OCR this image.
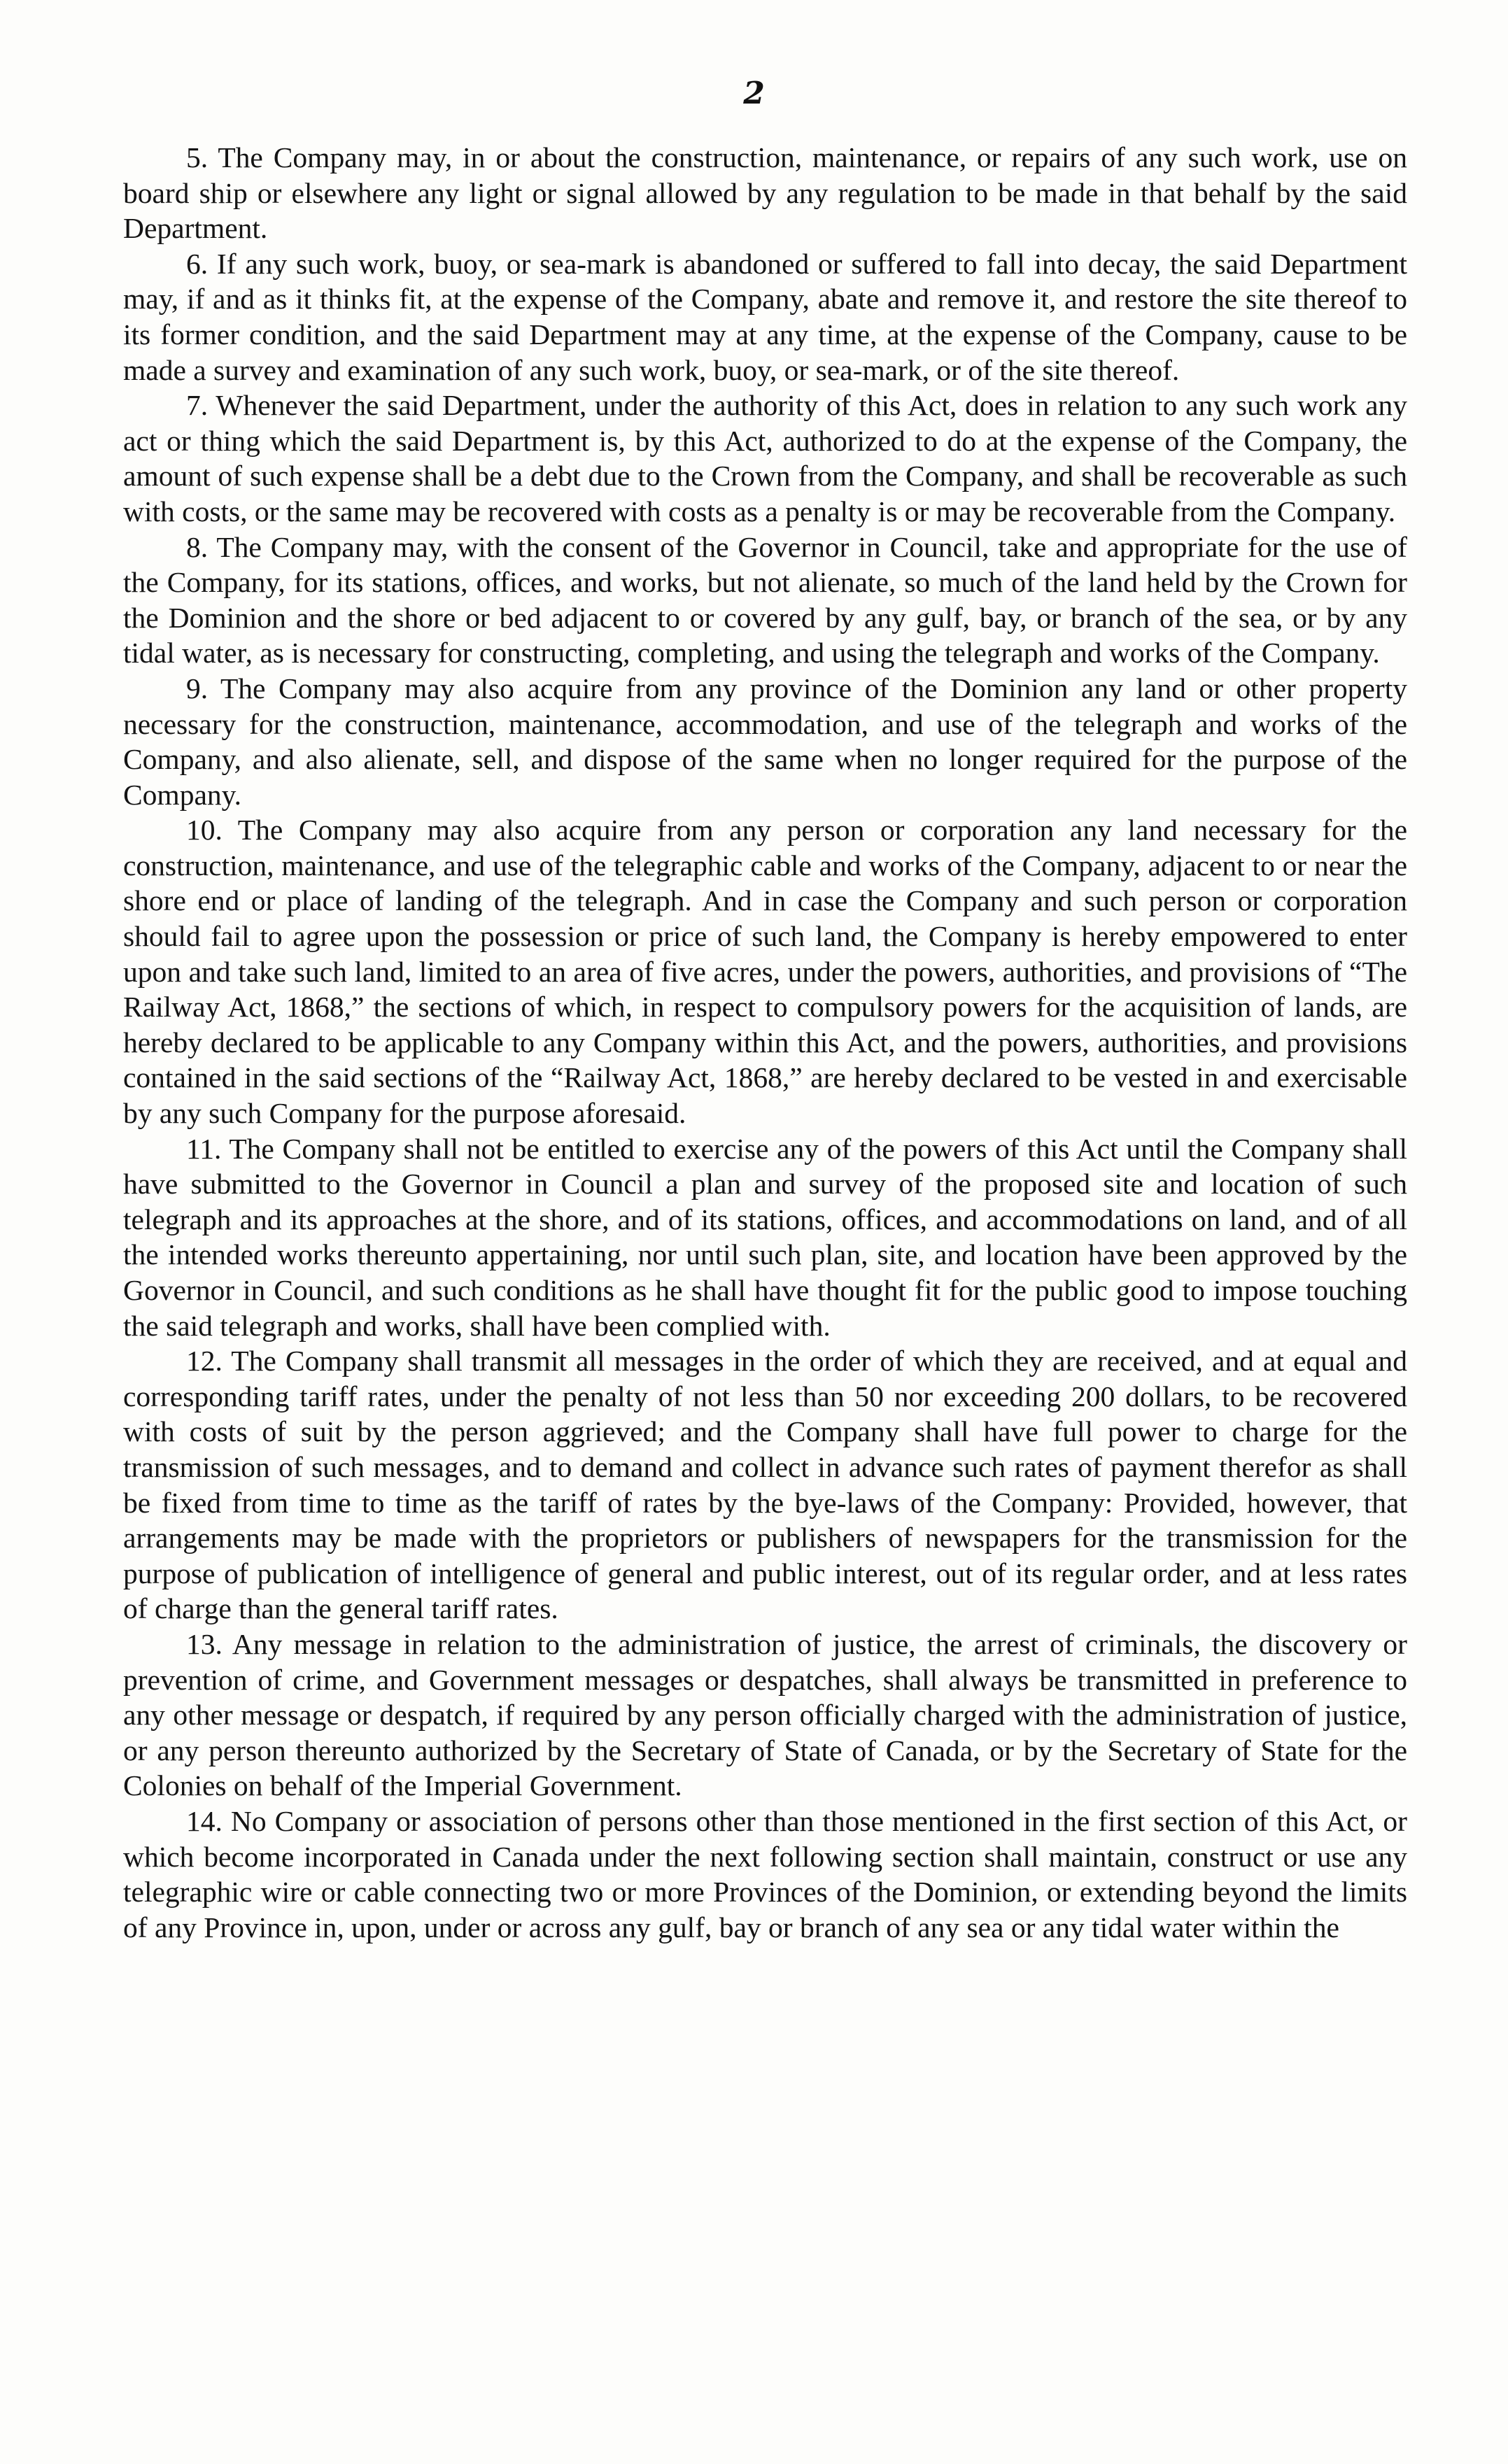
2

5. The Company may, in or about the construction, maintenance, or repairs of any such work, use on board ship or elsewhere any light or signal allowed by any regulation to be made in that behalf by the said Department.

6. If any such work, buoy, or sea-mark is abandoned or suffered to fall into decay, the said Department may, if and as it thinks fit, at the expense of the Company, abate and remove it, and restore the site thereof to its former condition, and the said Department may at any time, at the expense of the Company, cause to be made a survey and examination of any such work, buoy, or sea-mark, or of the site thereof.

7. Whenever the said Department, under the authority of this Act, does in relation to any such work any act or thing which the said Department is, by this Act, authorized to do at the expense of the Company, the amount of such expense shall be a debt due to the Crown from the Company, and shall be recoverable as such with costs, or the same may be recovered with costs as a penalty is or may be recoverable from the Company.

8. The Company may, with the consent of the Governor in Council, take and appropriate for the use of the Company, for its stations, offices, and works, but not alienate, so much of the land held by the Crown for the Dominion and the shore or bed adjacent to or covered by any gulf, bay, or branch of the sea, or by any tidal water, as is necessary for constructing, completing, and using the telegraph and works of the Company.

9. The Company may also acquire from any province of the Dominion any land or other property necessary for the construction, maintenance, accommodation, and use of the telegraph and works of the Company, and also alienate, sell, and dispose of the same when no longer required for the purpose of the Company.

10. The Company may also acquire from any person or corporation any land necessary for the construction, maintenance, and use of the telegraphic cable and works of the Company, adjacent to or near the shore end or place of landing of the telegraph. And in case the Company and such person or corporation should fail to agree upon the possession or price of such land, the Company is hereby empowered to enter upon and take such land, limited to an area of five acres, under the powers, authorities, and provisions of “The Railway Act, 1868,” the sections of which, in respect to compulsory powers for the acquisition of lands, are hereby declared to be applicable to any Company within this Act, and the powers, authorities, and provisions contained in the said sections of the “Railway Act, 1868,” are hereby declared to be vested in and exercisable by any such Company for the purpose aforesaid.

11. The Company shall not be entitled to exercise any of the powers of this Act until the Company shall have submitted to the Governor in Council a plan and survey of the proposed site and location of such telegraph and its approaches at the shore, and of its stations, offices, and accommodations on land, and of all the intended works thereunto appertaining, nor until such plan, site, and location have been approved by the Governor in Council, and such conditions as he shall have thought fit for the public good to impose touching the said telegraph and works, shall have been complied with.

12. The Company shall transmit all messages in the order of which they are received, and at equal and corresponding tariff rates, under the penalty of not less than 50 nor exceeding 200 dollars, to be recovered with costs of suit by the person aggrieved; and the Company shall have full power to charge for the transmission of such messages, and to demand and collect in advance such rates of payment therefor as shall be fixed from time to time as the tariff of rates by the bye-laws of the Company: Provided, however, that arrangements may be made with the proprietors or publishers of newspapers for the transmission for the purpose of publication of intelligence of general and public interest, out of its regular order, and at less rates of charge than the general tariff rates.

13. Any message in relation to the administration of justice, the arrest of criminals, the discovery or prevention of crime, and Government messages or despatches, shall always be transmitted in preference to any other message or despatch, if required by any person officially charged with the administration of justice, or any person thereunto authorized by the Secretary of State of Canada, or by the Secretary of State for the Colonies on behalf of the Imperial Government.

14. No Company or association of persons other than those mentioned in the first section of this Act, or which become incorporated in Canada under the next following section shall maintain, construct or use any telegraphic wire or cable connecting two or more Provinces of the Dominion, or extending beyond the limits of any Province in, upon, under or across any gulf, bay or branch of any sea or any tidal water within the
